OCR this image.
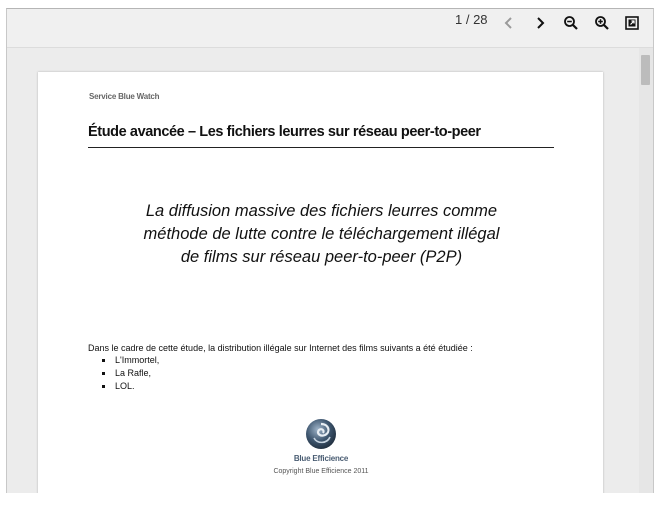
1 / 28
Service Blue Watch
Étude avancée – Les fichiers leurres sur réseau peer-to-peer
La diffusion massive des fichiers leurres comme
méthode de lutte contre le téléchargement illégal
de films sur réseau peer-to-peer (P2P)
Dans le cadre de cette étude, la distribution illégale sur Internet des films suivants a été étudiée :
L'Immortel,
La Rafle,
LOL.
Blue Efficience
Copyright Blue Efficience 2011
